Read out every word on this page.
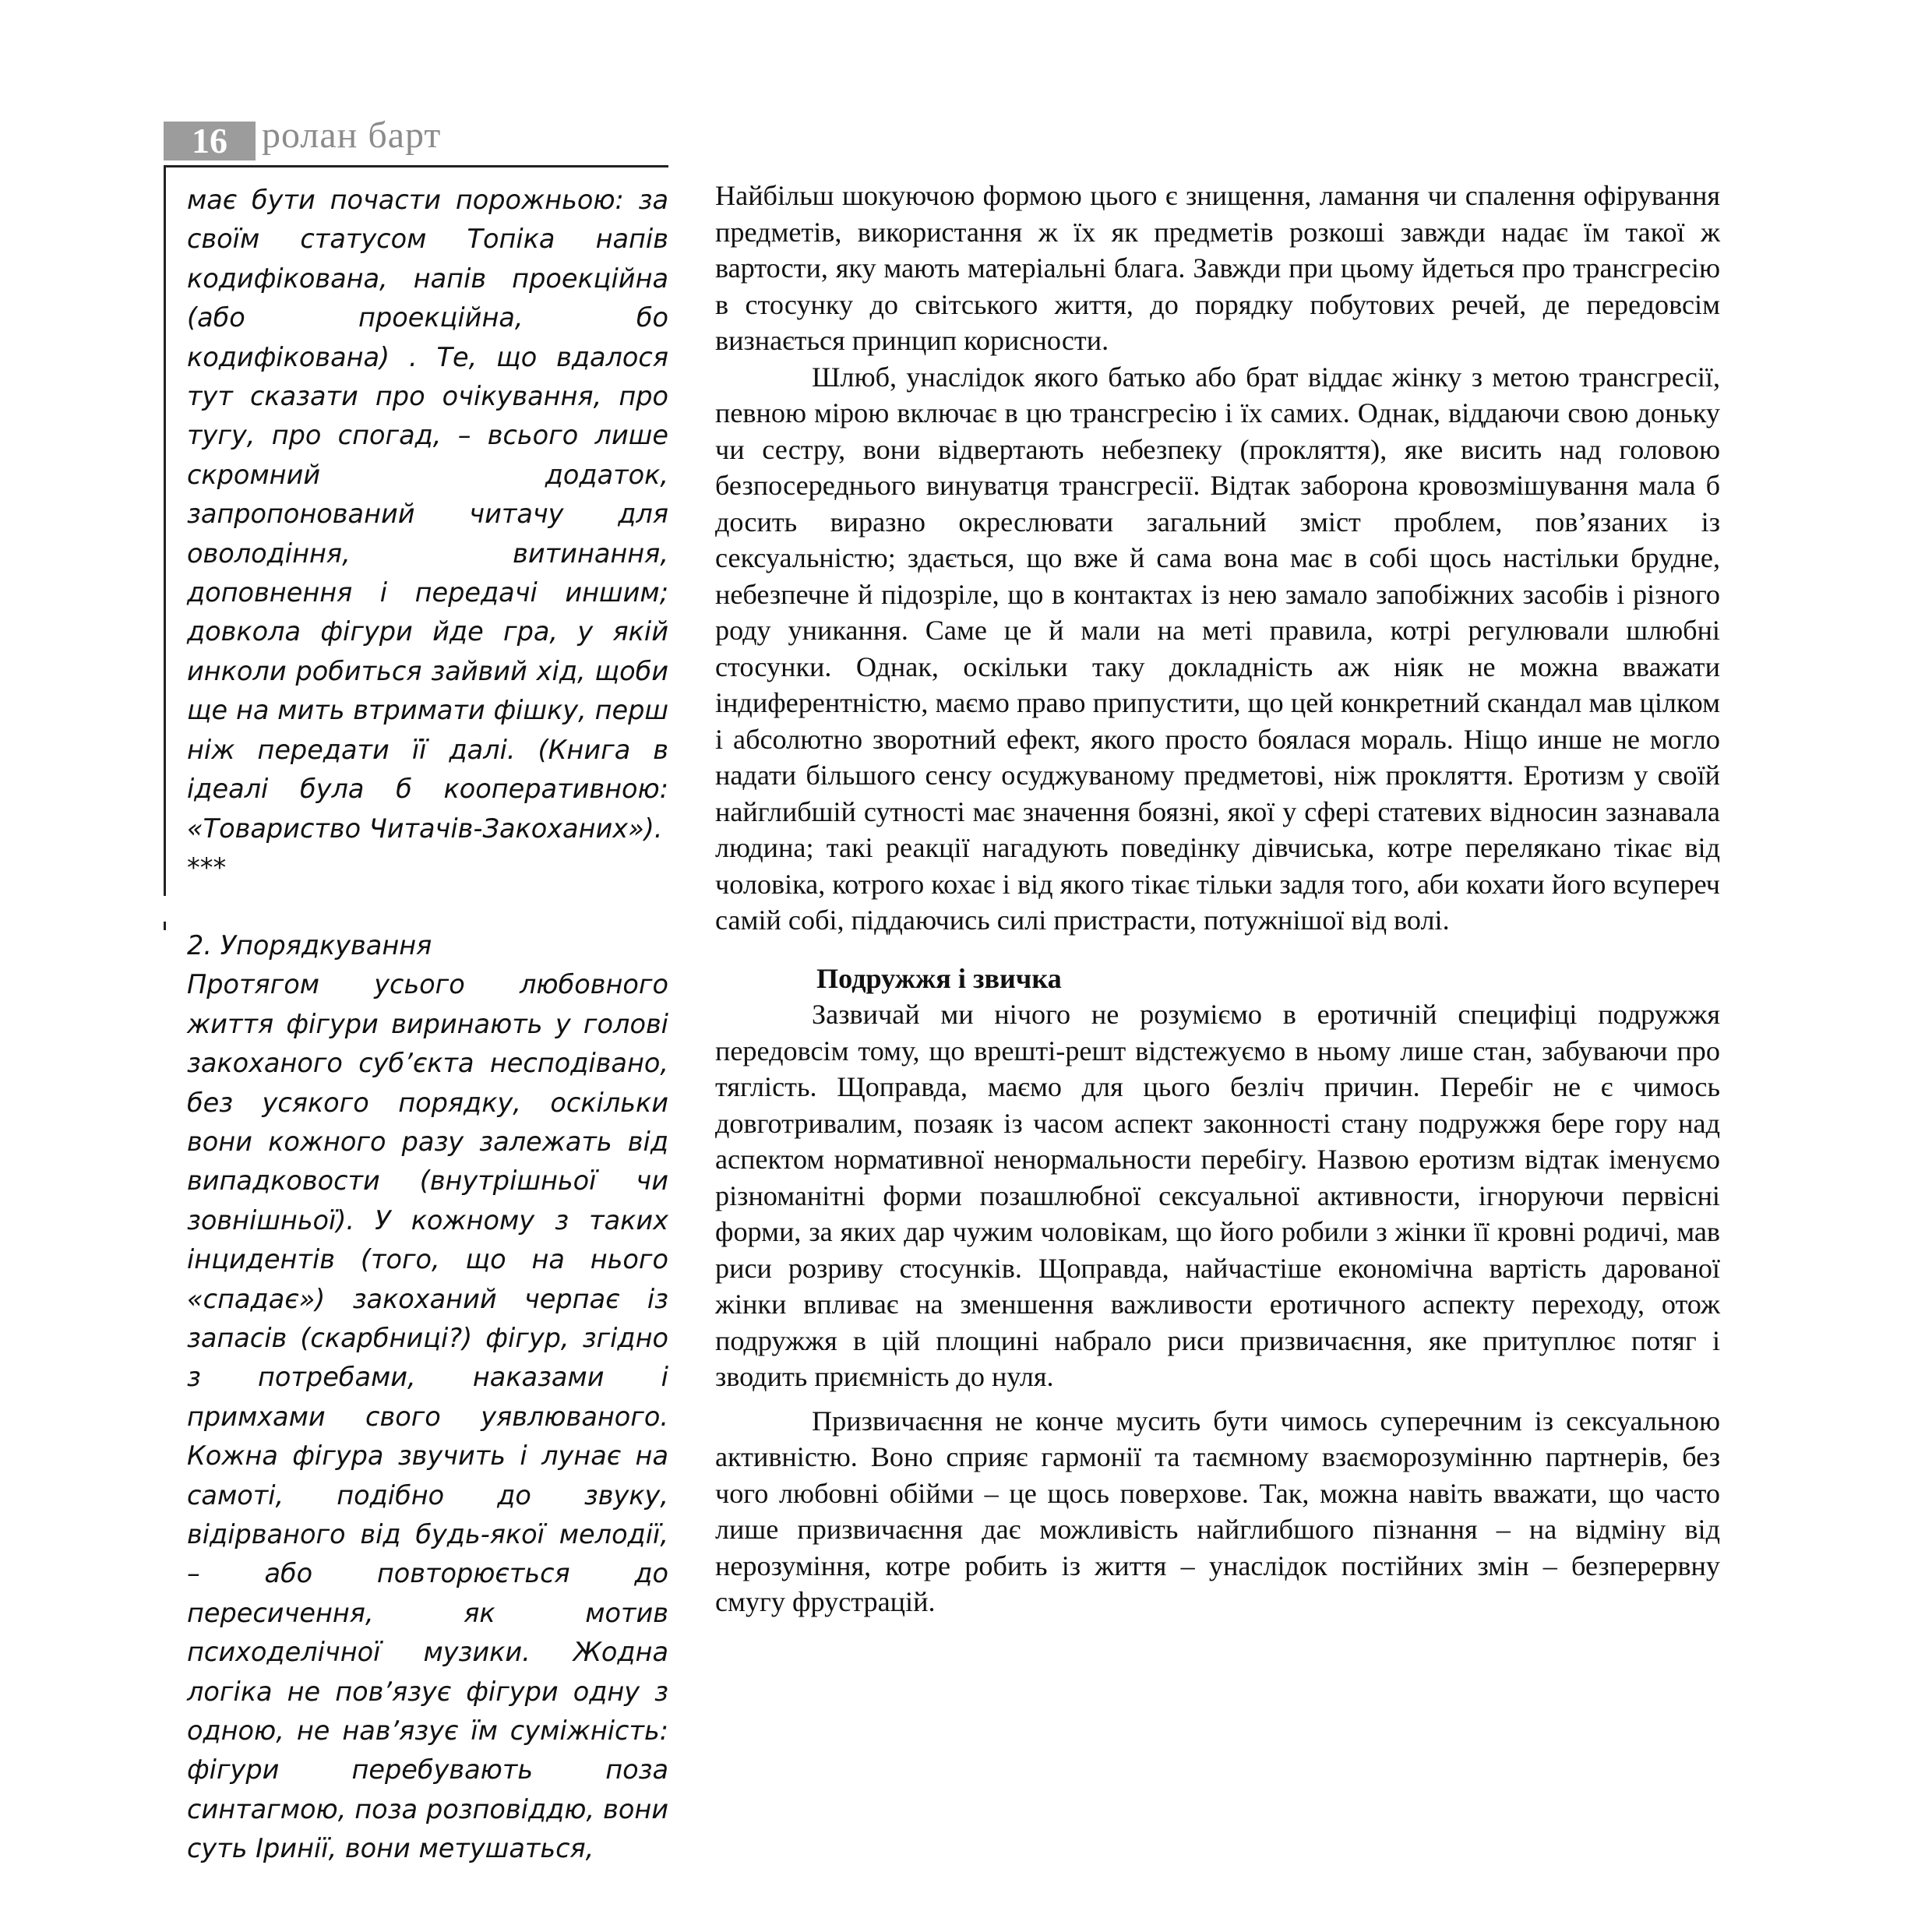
16 ролан барт

має бути почасти порожньою: за своїм статусом Топіка напів кодифікована, напів проекційна (або проекційна, бо кодифікована) . Те, що вдалося тут сказати про очікування, про тугу, про спогад, – всього лише скромний додаток, запропонований читачу для оволодіння, витинання, доповнення і передачі иншим; довкола фігури йде гра, у якій инколи робиться зайвий хід, щоби ще на мить втримати фішку, перш ніж передати її далі. (Книга в ідеалі була б кооперативною: «Товариство Читачів-Закоханих»).

***

2. Упорядкування

Протягом усього любовного життя фігури виринають у голові закоханого суб’єкта несподівано, без усякого порядку, оскільки вони кожного разу залежать від випадковости (внутрішньої чи зовнішньої). У кожному з таких інцидентів (того, що на нього «спадає») закоханий черпає із запасів (скарбниці?) фігур, згідно з потребами, наказами і примхами свого уявлюваного. Кожна фігура звучить і лунає на самоті, подібно до звуку, відірваного від будь-якої мелодії, – або повторюється до пересичення, як мотив психоделічної музики. Жодна логіка не пов’язує фігури одну з одною, не нав’язує їм суміжність: фігури перебувають поза синтагмою, поза розповіддю, вони суть Іринії, вони метушаться,

Найбільш шокуючою формою цього є знищення, ламання чи спалення офірування предметів, використання ж їх як предметів розкоші завжди надає їм такої ж вартости, яку мають матеріальні блага. Завжди при цьому йдеться про трансгресію в стосунку до світського життя, до порядку побутових речей, де передовсім визнається принцип корисности.

Шлюб, унаслідок якого батько або брат віддає жінку з метою трансгресії, певною мірою включає в цю трансгресію і їх самих. Однак, віддаючи свою доньку чи сестру, вони відвертають небезпеку (прокляття), яке висить над головою безпосереднього винуватця трансгресії. Відтак заборона кровозмішування мала б досить виразно окреслювати загальний зміст проблем, пов’язаних із сексуальністю; здається, що вже й сама вона має в собі щось настільки брудне, небезпечне й підозріле, що в контактах із нею замало запобіжних засобів і різного роду уникання. Саме це й мали на меті правила, котрі регулювали шлюбні стосунки. Однак, оскільки таку докладність аж ніяк не можна вважати індиферентністю, маємо право припустити, що цей конкретний скандал мав цілком і абсолютно зворотний ефект, якого просто боялася мораль. Ніщо инше не могло надати більшого сенсу осуджуваному предметові, ніж прокляття. Еротизм у своїй найглибшій сутності має значення боязні, якої у сфері статевих відносин зазнавала людина; такі реакції нагадують поведінку дівчиська, котре перелякано тікає від чоловіка, котрого кохає і від якого тікає тільки задля того, аби кохати його всупереч самій собі, піддаючись силі пристрасти, потужнішої від волі.

Подружжя і звичка

Зазвичай ми нічого не розуміємо в еротичній специфіці подружжя передовсім тому, що врешті-решт відстежуємо в ньому лише стан, забуваючи про тяглість. Щоправда, маємо для цього безліч причин. Перебіг не є чимось довготривалим, позаяк із часом аспект законності стану подружжя бере гору над аспектом нормативної ненормальности перебігу. Назвою еротизм відтак іменуємо різноманітні форми позашлюбної сексуальної активности, ігноруючи первісні форми, за яких дар чужим чоловікам, що його робили з жінки її кровні родичі, мав риси розриву стосунків. Щоправда, найчастіше економічна вартість дарованої жінки впливає на зменшення важливости еротичного аспекту переходу, отож подружжя в цій площині набрало риси призвичаєння, яке притуплює потяг і зводить приємність до нуля.

Призвичаєння не конче мусить бути чимось суперечним із сексуальною активністю. Воно сприяє гармонії та таємному взаєморозумінню партнерів, без чого любовні обійми – це щось поверхове. Так, можна навіть вважати, що часто лише призвичаєння дає можливість найглибшого пізнання – на відміну від нерозуміння, котре робить із життя – унаслідок постійних змін – безперервну смугу фрустрацій.
